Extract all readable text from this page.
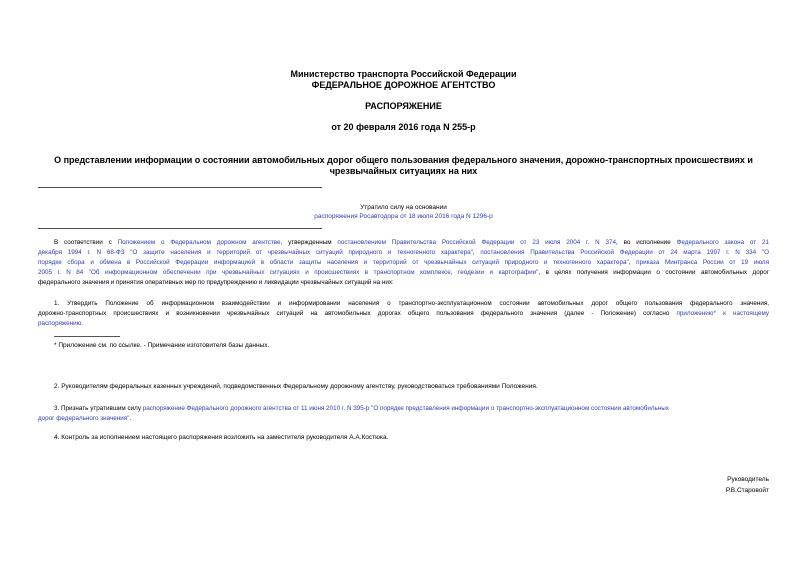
Министерство транспорта Российской Федерации
ФЕДЕРАЛЬНОЕ ДОРОЖНОЕ АГЕНТСТВО
РАСПОРЯЖЕНИЕ
от 20 февраля 2016 года N 255-р
О представлении информации о состоянии автомобильных дорог общего пользования федерального значения, дорожно-транспортных происшествиях и
чрезвычайных ситуациях на них
Утратило силу на основании
распоряжения Росавтодора от 18 июля 2016 года N 1296-р
В соответствии с Положением о Федеральном дорожном агентстве, утвержденным постановлением Правительства Российской Федерации от 23 июля 2004 г. N 374, во исполнение Федерального закона от 21
декабря 1994 г. N 68-ФЗ "О защите населения и территорий от чрезвычайных ситуаций природного и техногенного характера", постановления Правительства Российской Федерации от 24 марта 1997 г. N 334 "О
порядке сбора и обмена в Российской Федерации информацией в области защиты населения и территорий от чрезвычайных ситуаций природного и техногенного характера", приказа Минтранса России от 19 июля
2005 г. N 84 "Об информационном обеспечении при чрезвычайных ситуациях и происшествиях в транспортном комплексе, геодезии и картографии", в целях получения информации о состоянии автомобильных дорог
федерального значения и принятия оперативных мер по предупреждению и ликвидации чрезвычайных ситуаций на них:
1. Утвердить Положение об информационном взаимодействии и информировании населения о транспортно-эксплуатационном состоянии автомобильных дорог общего пользования федерального значения,
дорожно-транспортных происшествиях и возникновении чрезвычайных ситуаций на автомобильных дорогах общего пользования федерального значения (далее - Положение) согласно приложению* к настоящему
распоряжению.
* Приложение см. по ссылке. - Примечание изготовителя базы данных.
2. Руководителям федеральных казенных учреждений, подведомственных Федеральному дорожному агентству, руководствоваться требованиями Положения.
3. Признать утратившим силу распоряжение Федерального дорожного агентства от 11 июня 2010 г. N 395-р "О порядке представления информации о транспортно-эксплуатационном состоянии автомобильных
дорог федерального значения".
4. Контроль за исполнением настоящего распоряжения возложить на заместителя руководителя А.А.Костюка.
Руководитель
Р.В.Старовойт
